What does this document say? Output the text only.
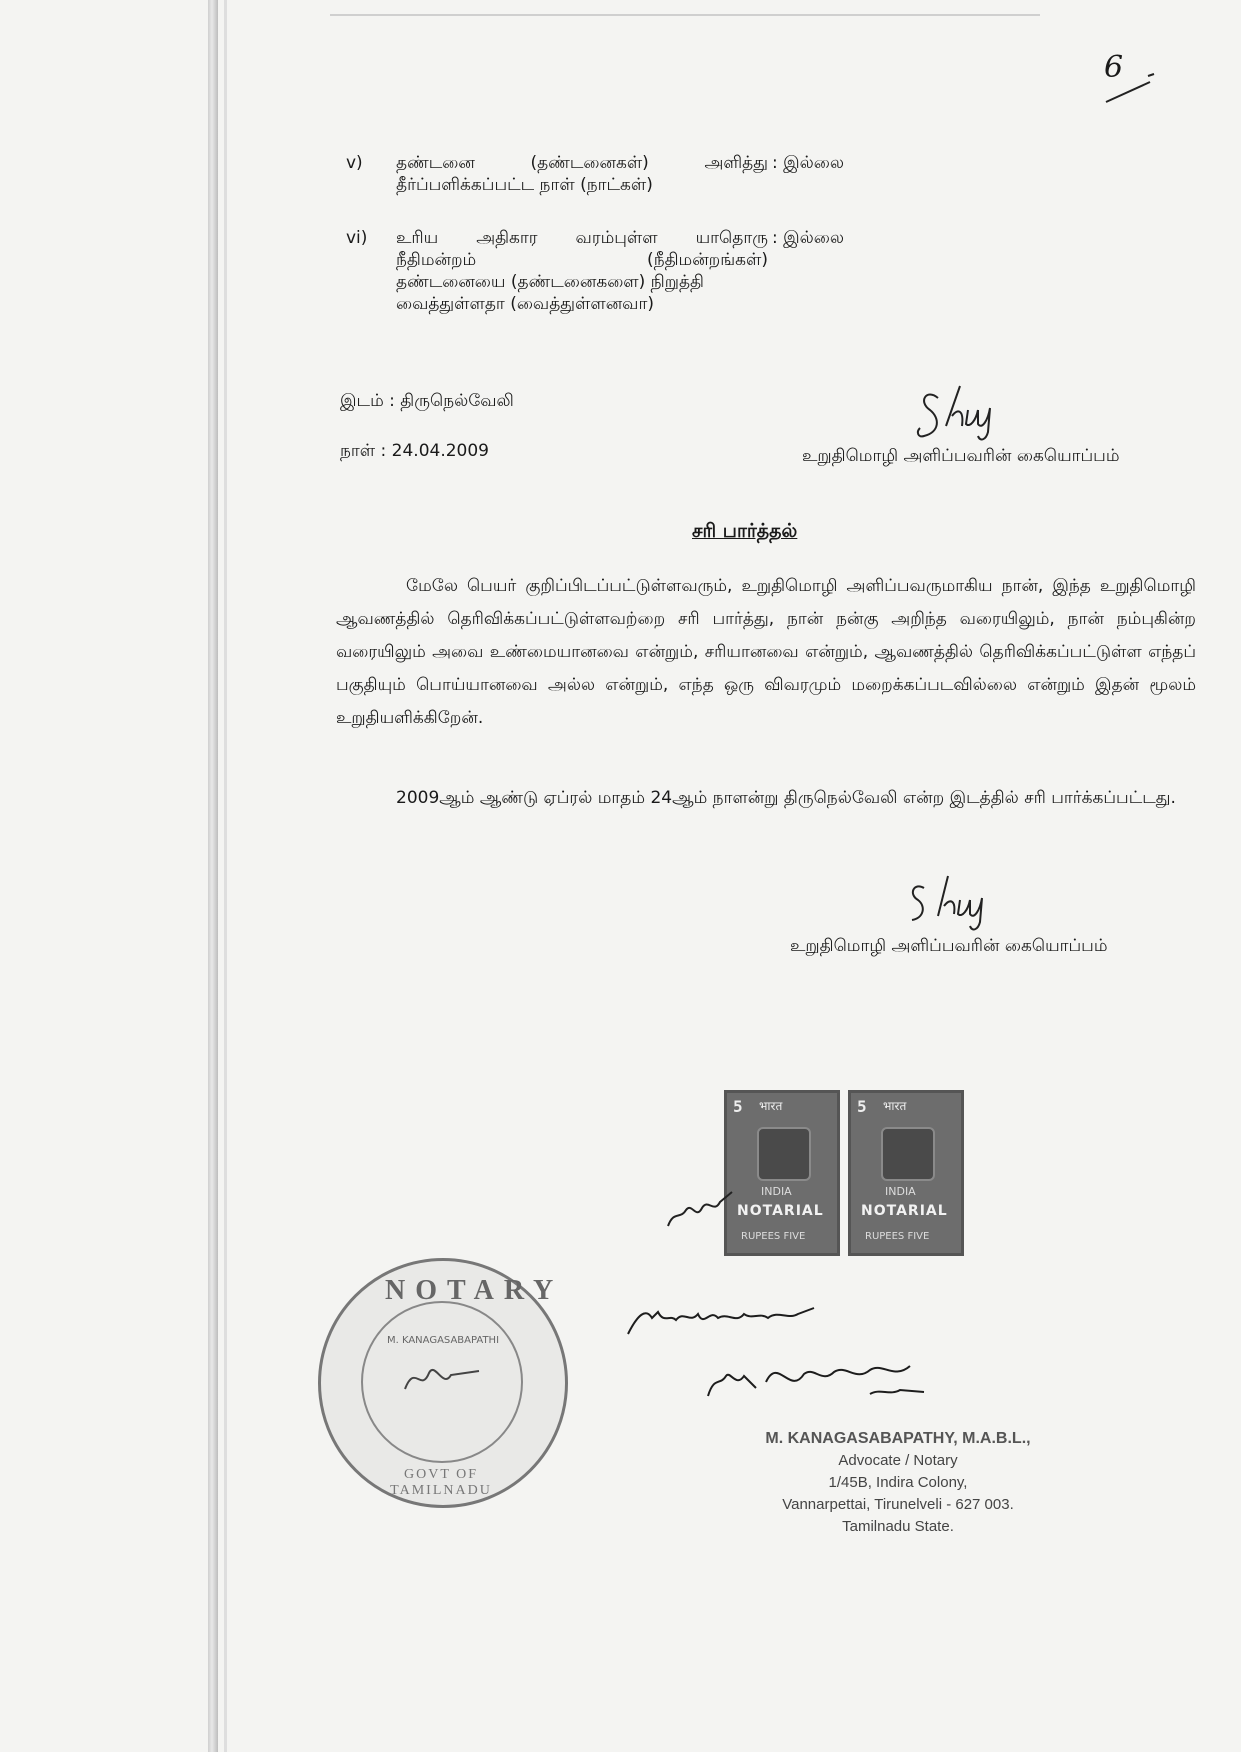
6
v) தண்டனை (தண்டனைகள்) அளித்து
தீர்ப்பளிக்கப்பட்ட நாள் (நாட்கள்)
: இல்லை
vi) உரிய அதிகார வரம்புள்ள யாதொரு
நீதிமன்றம் (நீதிமன்றங்கள்)
தண்டனையை (தண்டனைகளை) நிறுத்தி
வைத்துள்ளதா (வைத்துள்ளனவா)
: இல்லை
இடம் : திருநெல்வேலி
நாள் : 24.04.2009	உறுதிமொழி அளிப்பவரின் கையொப்பம்
சரி பார்த்தல்
மேலே பெயர் குறிப்பிடப்பட்டுள்ளவரும், உறுதிமொழி அளிப்பவருமாகிய நான், இந்த உறுதிமொழி ஆவணத்தில் தெரிவிக்கப்பட்டுள்ளவற்றை சரி பார்த்து, நான் நன்கு அறிந்த வரையிலும், நான் நம்புகின்ற வரையிலும் அவை உண்மையானவை என்றும், சரியானவை என்றும், ஆவணத்தில் தெரிவிக்கப்பட்டுள்ள எந்தப் பகுதியும் பொய்யானவை அல்ல என்றும், எந்த ஒரு விவரமும் மறைக்கப்படவில்லை என்றும் இதன் மூலம் உறுதியளிக்கிறேன்.
2009ஆம் ஆண்டு ஏப்ரல் மாதம் 24ஆம் நாளன்று திருநெல்வேலி என்ற இடத்தில் சரி பார்க்கப்பட்டது.
உறுதிமொழி அளிப்பவரின் கையொப்பம்
5 भारत
INDIA
NOTARIAL
RUPEES FIVE
5 भारत
INDIA
NOTARIAL
RUPEES FIVE
NOTARY
M. KANAGASABAPATHI
GOVT OF TAMILNADU
M. KANAGASABAPATHY, M.A.B.L.,
Advocate / Notary
1/45B, Indira Colony,
Vannarpettai, Tirunelveli - 627 003.
Tamilnadu State.
